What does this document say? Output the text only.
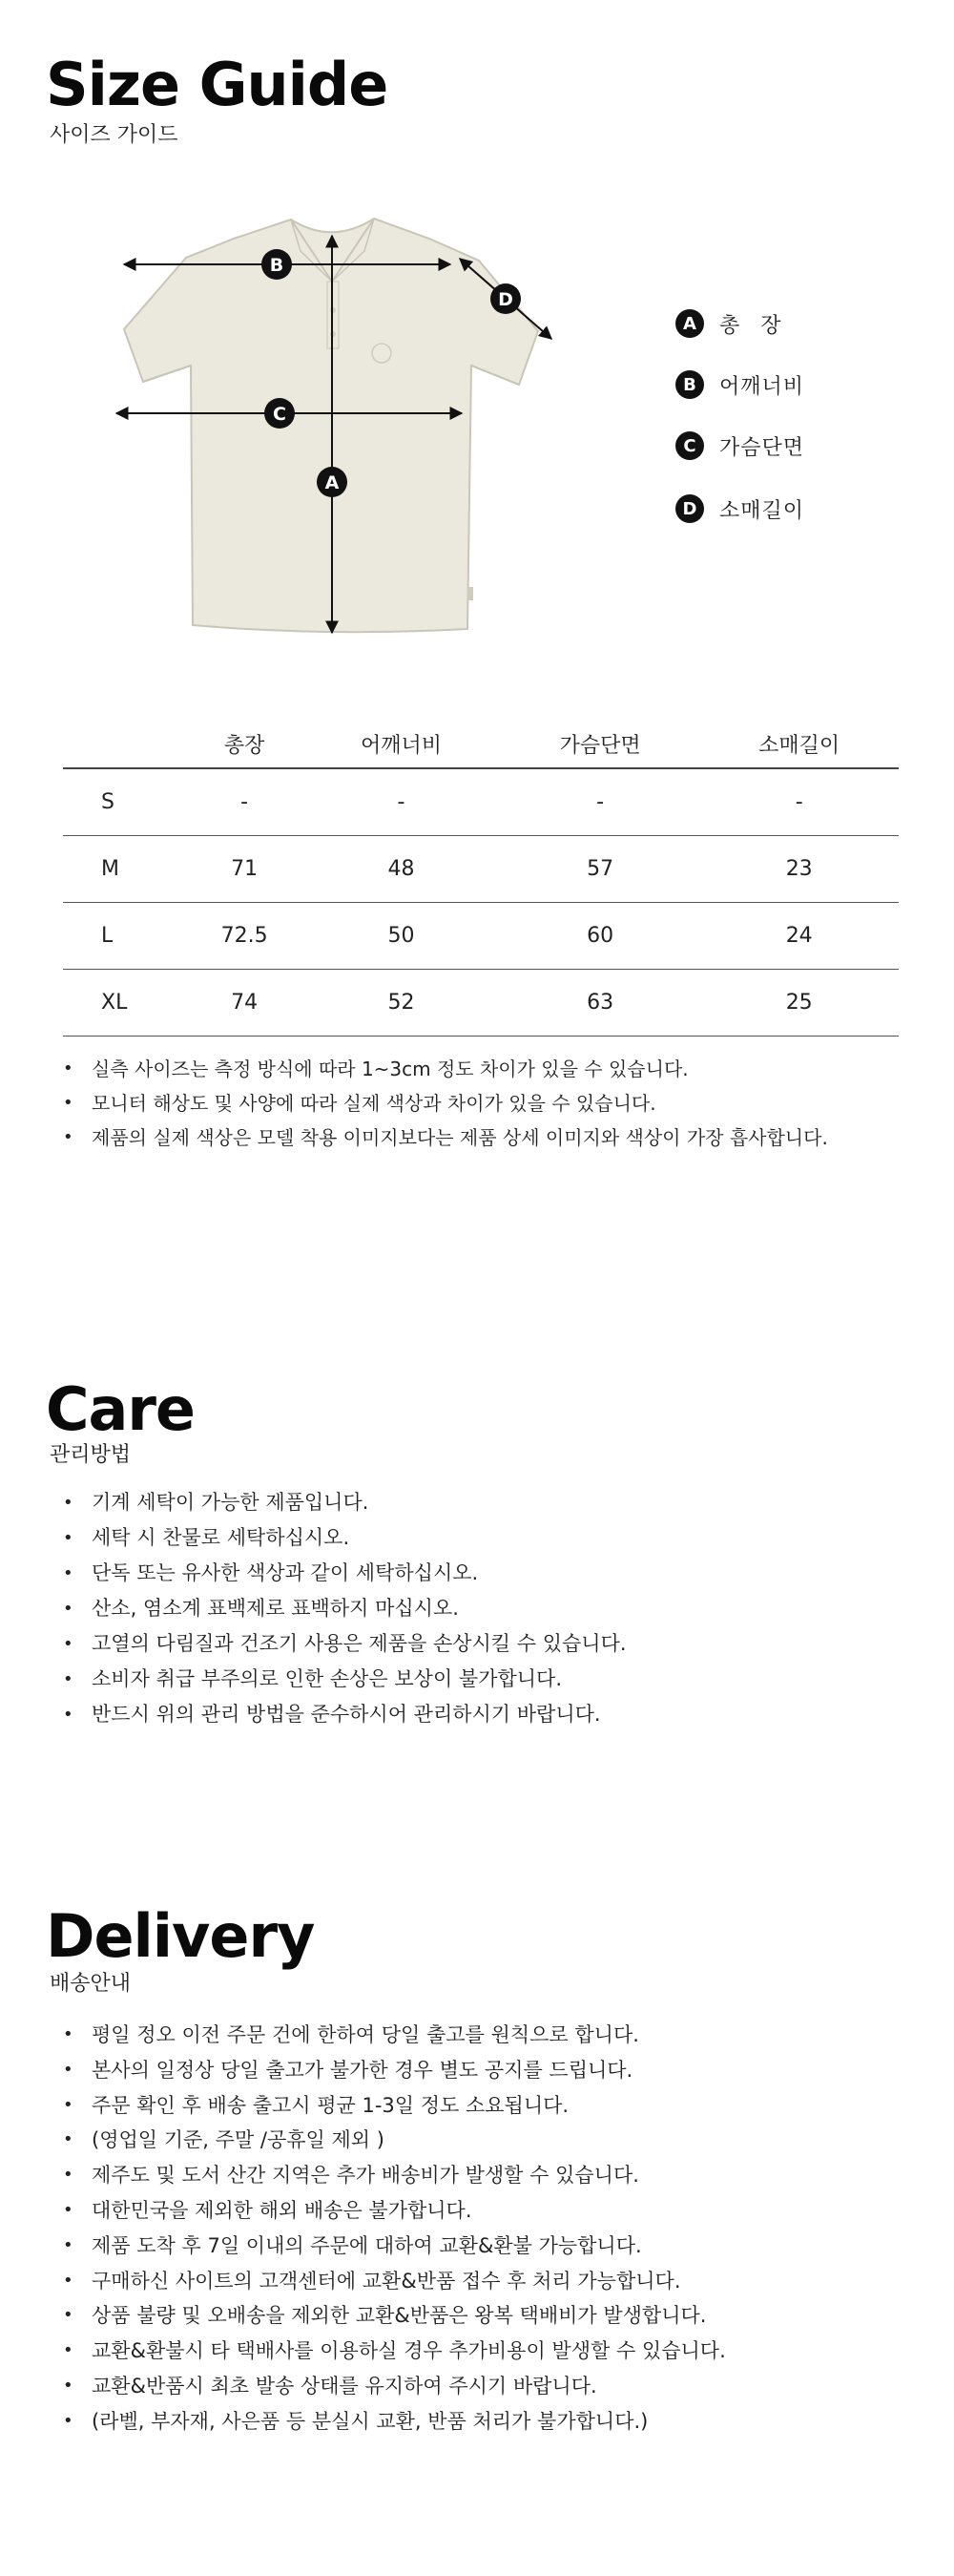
Size Guide
사이즈 가이드
A
B
C
D
A	총장
B	어깨너비
C	가슴단면
D	소매길이
	총장	어깨너비	가슴단면	소매길이
S	-	-	-	-
M	71	48	57	23
L	72.5	50	60	24
XL	74	52	63	25
• 실측 사이즈는 측정 방식에 따라 1~3cm 정도 차이가 있을 수 있습니다.
• 모니터 해상도 및 사양에 따라 실제 색상과 차이가 있을 수 있습니다.
• 제품의 실제 색상은 모델 착용 이미지보다는 제품 상세 이미지와 색상이 가장 흡사합니다.
Care
관리방법
• 기계 세탁이 가능한 제품입니다.
• 세탁 시 찬물로 세탁하십시오.
• 단독 또는 유사한 색상과 같이 세탁하십시오.
• 산소, 염소계 표백제로 표백하지 마십시오.
• 고열의 다림질과 건조기 사용은 제품을 손상시킬 수 있습니다.
• 소비자 취급 부주의로 인한 손상은 보상이 불가합니다.
• 반드시 위의 관리 방법을 준수하시어 관리하시기 바랍니다.
Delivery
배송안내
• 평일 정오 이전 주문 건에 한하여 당일 출고를 원칙으로 합니다.
• 본사의 일정상 당일 출고가 불가한 경우 별도 공지를 드립니다.
• 주문 확인 후 배송 출고시 평균 1-3일 정도 소요됩니다.
• (영업일 기준, 주말 /공휴일 제외 )
• 제주도 및 도서 산간 지역은 추가 배송비가 발생할 수 있습니다.
• 대한민국을 제외한 해외 배송은 불가합니다.
• 제품 도착 후 7일 이내의 주문에 대하여 교환&환불 가능합니다.
• 구매하신 사이트의 고객센터에 교환&반품 접수 후 처리 가능합니다.
• 상품 불량 및 오배송을 제외한 교환&반품은 왕복 택배비가 발생합니다.
• 교환&환불시 타 택배사를 이용하실 경우 추가비용이 발생할 수 있습니다.
• 교환&반품시 최초 발송 상태를 유지하여 주시기 바랍니다.
• (라벨, 부자재, 사은품 등 분실시 교환, 반품 처리가 불가합니다.)
